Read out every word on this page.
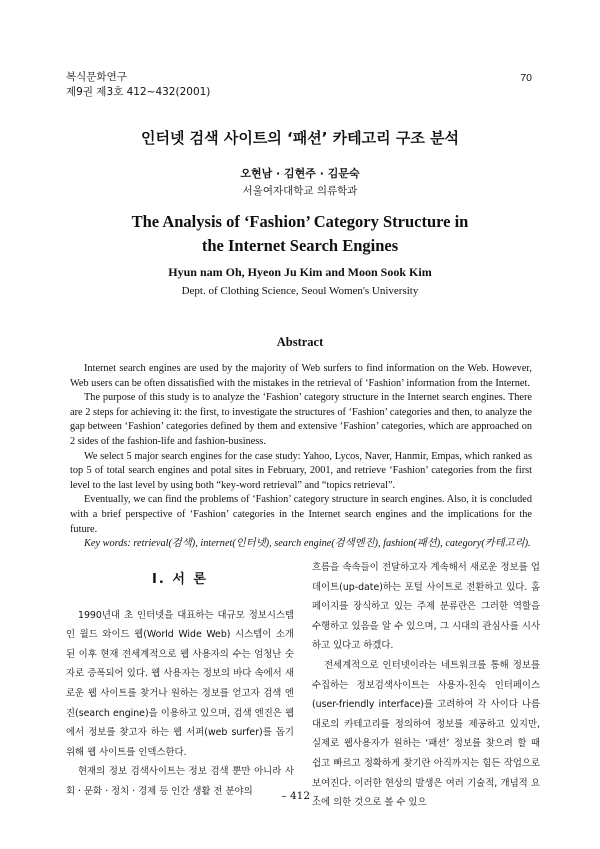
복식문화연구
제9권 제3호 412~432(2001)
70
인터넷 검색 사이트의 ‘패션’ 카테고리 구조 분석
오현남 · 김현주 · 김문숙
서울여자대학교 의류학과
The Analysis of ‘Fashion’ Category Structure in
the Internet Search Engines
Hyun nam Oh, Hyeon Ju Kim and Moon Sook Kim
Dept. of Clothing Science, Seoul Women's University
Abstract

Internet search engines are used by the majority of Web surfers to find information on the Web. However, Web users can be often dissatisfied with the mistakes in the retrieval of ‘Fashion’ information from the Internet.

The purpose of this study is to analyze the ‘Fashion’ category structure in the Internet search engines. There are 2 steps for achieving it: the first, to investigate the structures of ‘Fashion’ categories and then, to analyze the gap between ‘Fashion’ categories defined by them and extensive ‘Fashion’ categories, which are approached on 2 sides of the fashion-life and fashion-business.

We select 5 major search engines for the case study: Yahoo, Lycos, Naver, Hanmir, Empas, which ranked as top 5 of total search engines and potal sites in February, 2001, and retrieve ‘Fashion’ categories from the first level to the last level by using both “key-word retrieval” and “topics retrieval”.

Eventually, we can find the problems of ‘Fashion’ category structure in search engines. Also, it is concluded with a brief perspective of ‘Fashion’ categories in the Internet search engines and the implications for the future.

Key words: retrieval(검색), internet(인터넷), search engine(검색엔진), fashion(패션), category(카테고리).

Ⅰ. 서 론

1990년대 초 인터넷을 대표하는 대규모 정보시스템인 월드 와이드 웹(World Wide Web) 시스템이 소개 된 이후 현재 전세계적으로 웹 사용자의 수는 엄청난 숫자로 증폭되어 있다. 웹 사용자는 정보의 바다 속에서 새로운 웹 사이트를 찾거나 원하는 정보를 얻고자 검색 엔진(search engine)을 이용하고 있으며, 검색 엔진은 웹에서 정보를 찾고자 하는 웹 서퍼(web surfer)를 돕기 위해 웹 사이트를 인덱스한다.

현재의 정보 검색사이트는 정보 검색 뿐만 아니라 사회 · 문화 · 정치 · 경제 등 인간 생활 전 분야의

흐름을 속속들이 전달하고자 계속해서 새로운 정보를 업데이트(up-date)하는 포털 사이트로 전환하고 있다. 홈페이지를 장식하고 있는 주제 분류란은 그러한 역할을 수행하고 있음을 알 수 있으며, 그 시대의 관심사를 시사하고 있다고 하겠다.

전세계적으로 인터넷이라는 네트워크를 통해 정보를 수집하는 정보검색사이트는 사용자-친숙 인터페이스(user-friendly interface)를 고려하여 각 사이다 나름대로의 카테고리를 정의하여 정보를 제공하고 있지만, 실제로 웹사용자가 원하는 ‘패션’ 정보를 찾으려 할 때 쉽고 빠르고 정확하게 찾기란 아직까지는 힘든 작업으로 보여진다. 이러한 현상의 발생은 여러 기술적, 개념적 요소에 의한 것으로 볼 수 있으

– 412 –
